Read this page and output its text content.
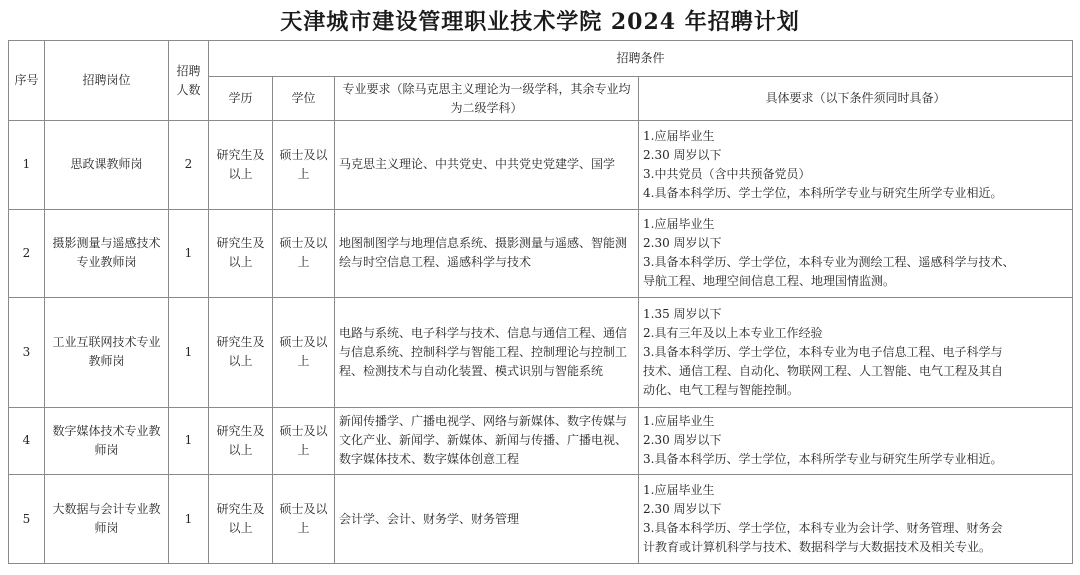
天津城市建设管理职业技术学院 2024 年招聘计划
序号	招聘岗位	招聘人数	招聘条件			
			学历	学位	专业要求（除马克思主义理论为一级学科，其余专业均为二级学科）	具体要求（以下条件须同时具备）
1	思政课教师岗	2	研究生及以上	硕士及以上	马克思主义理论、中共党史、中共党史党建学、国学	1.应届毕业生
2.30 周岁以下
3.中共党员（含中共预备党员）
4.具备本科学历、学士学位，本科所学专业与研究生所学专业相近。

2	摄影测量与遥感技术专业教师岗	1	研究生及以上	硕士及以上	地图制图学与地理信息系统、摄影测量与遥感、智能测绘与时空信息工程、遥感科学与技术	1.应届毕业生
2.30 周岁以下
3.具备本科学历、学士学位，本科专业为测绘工程、遥感科学与技术、
导航工程、地理空间信息工程、地理国情监测。

3	工业互联网技术专业教师岗	1	研究生及以上	硕士及以上	电路与系统、电子科学与技术、信息与通信工程、通信与信息系统、控制科学与智能工程、控制理论与控制工程、检测技术与自动化装置、模式识别与智能系统	1.35 周岁以下
2.具有三年及以上本专业工作经验
3.具备本科学历、学士学位，本科专业为电子信息工程、电子科学与
技术、通信工程、自动化、物联网工程、人工智能、电气工程及其自
动化、电气工程与智能控制。

4	数字媒体技术专业教师岗	1	研究生及以上	硕士及以上	新闻传播学、广播电视学、网络与新媒体、数字传媒与文化产业、新闻学、新媒体、新闻与传播、广播电视、数字媒体技术、数字媒体创意工程	1.应届毕业生
2.30 周岁以下
3.具备本科学历、学士学位，本科所学专业与研究生所学专业相近。

5	大数据与会计专业教师岗	1	研究生及以上	硕士及以上	会计学、会计、财务学、财务管理	1.应届毕业生
2.30 周岁以下
3.具备本科学历、学士学位，本科专业为会计学、财务管理、财务会
计教育或计算机科学与技术、数据科学与大数据技术及相关专业。
